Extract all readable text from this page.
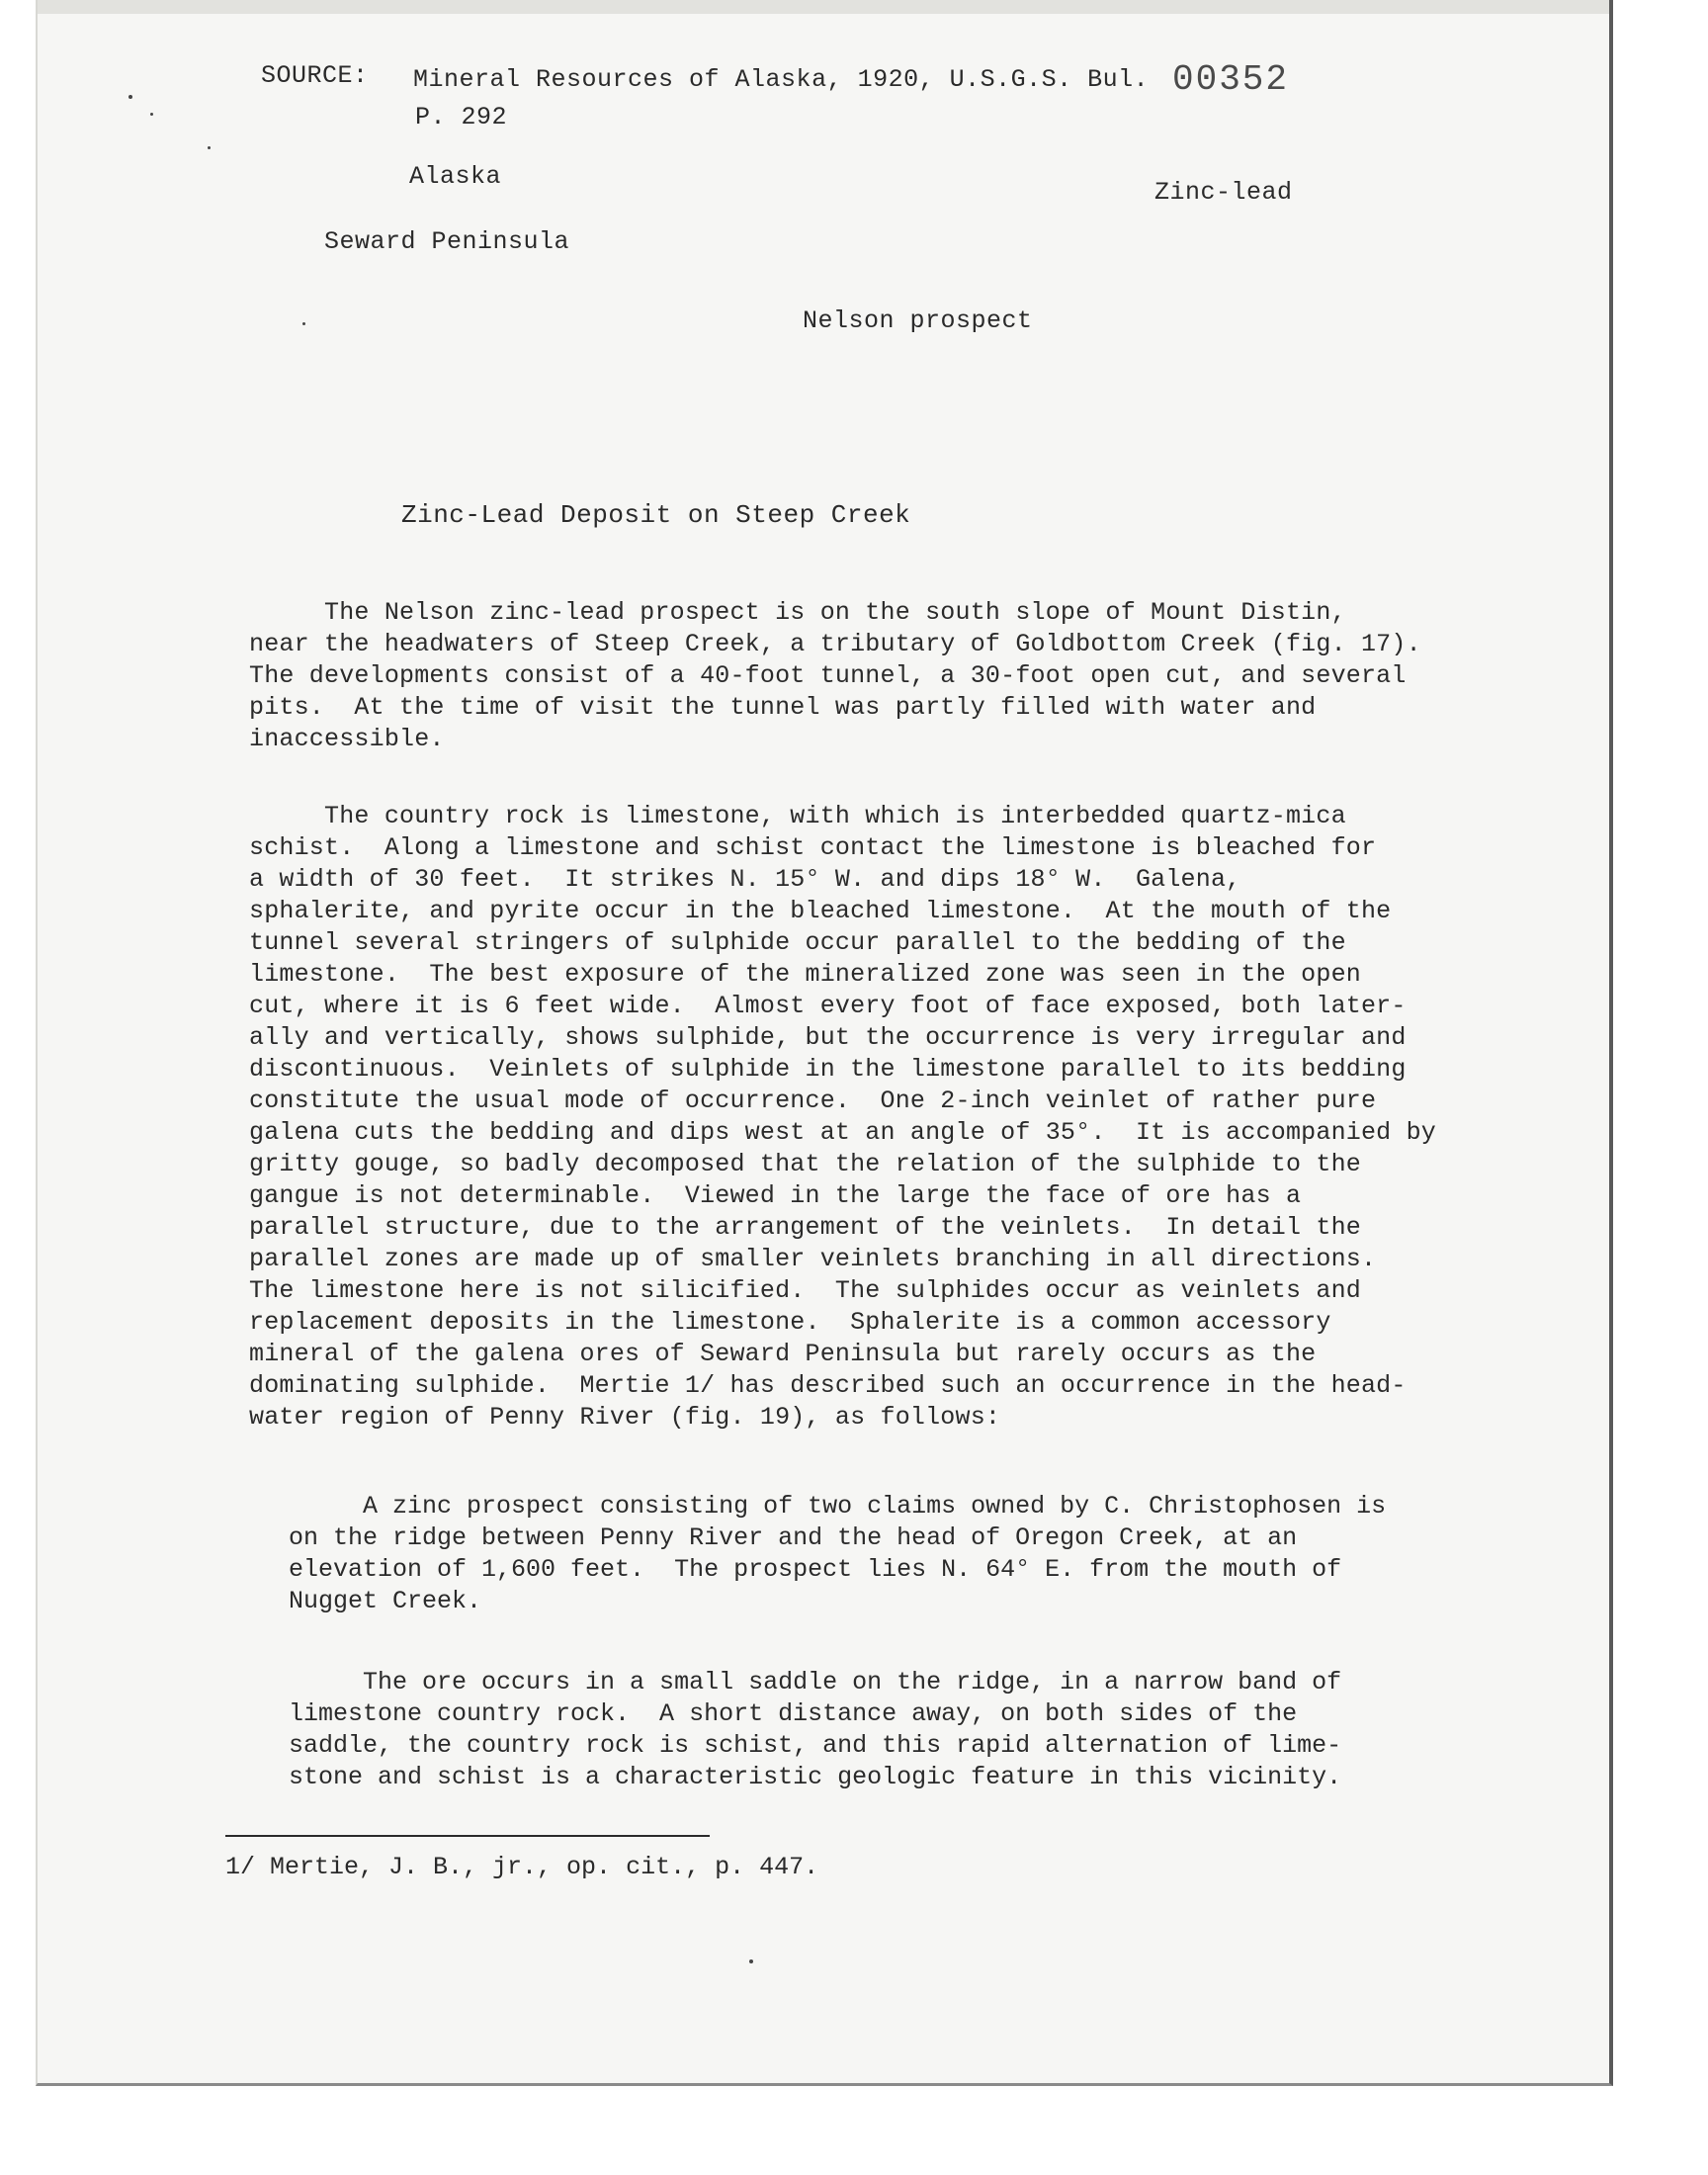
SOURCE: Mineral Resources of Alaska, 1920, U.S.G.S. Bul.
P. 292
00352
Alaska
Zinc-lead
Seward Peninsula
Nelson prospect
Zinc-Lead Deposit on Steep Creek

The Nelson zinc-lead prospect is on the south slope of Mount Distin,

near the headwaters of Steep Creek, a tributary of Goldbottom Creek (fig. 17).

The developments consist of a 40-foot tunnel, a 30-foot open cut, and several

pits.  At the time of visit the tunnel was partly filled with water and

inaccessible.

The country rock is limestone, with which is interbedded quartz-mica

schist.  Along a limestone and schist contact the limestone is bleached for

a width of 30 feet.  It strikes N. 15° W. and dips 18° W.  Galena,

sphalerite, and pyrite occur in the bleached limestone.  At the mouth of the

tunnel several stringers of sulphide occur parallel to the bedding of the

limestone.  The best exposure of the mineralized zone was seen in the open

cut, where it is 6 feet wide.  Almost every foot of face exposed, both later-

ally and vertically, shows sulphide, but the occurrence is very irregular and

discontinuous.  Veinlets of sulphide in the limestone parallel to its bedding

constitute the usual mode of occurrence.  One 2-inch veinlet of rather pure

galena cuts the bedding and dips west at an angle of 35°.  It is accompanied by

gritty gouge, so badly decomposed that the relation of the sulphide to the

gangue is not determinable.  Viewed in the large the face of ore has a

parallel structure, due to the arrangement of the veinlets.  In detail the

parallel zones are made up of smaller veinlets branching in all directions.

The limestone here is not silicified.  The sulphides occur as veinlets and

replacement deposits in the limestone.  Sphalerite is a common accessory

mineral of the galena ores of Seward Peninsula but rarely occurs as the

dominating sulphide.  Mertie 1/ has described such an occurrence in the head-

water region of Penny River (fig. 19), as follows:

A zinc prospect consisting of two claims owned by C. Christophosen is

on the ridge between Penny River and the head of Oregon Creek, at an

elevation of 1,600 feet.  The prospect lies N. 64° E. from the mouth of

Nugget Creek.

The ore occurs in a small saddle on the ridge, in a narrow band of

limestone country rock.  A short distance away, on both sides of the

saddle, the country rock is schist, and this rapid alternation of lime-

stone and schist is a characteristic geologic feature in this vicinity.

1/ Mertie, J. B., jr., op. cit., p. 447.
